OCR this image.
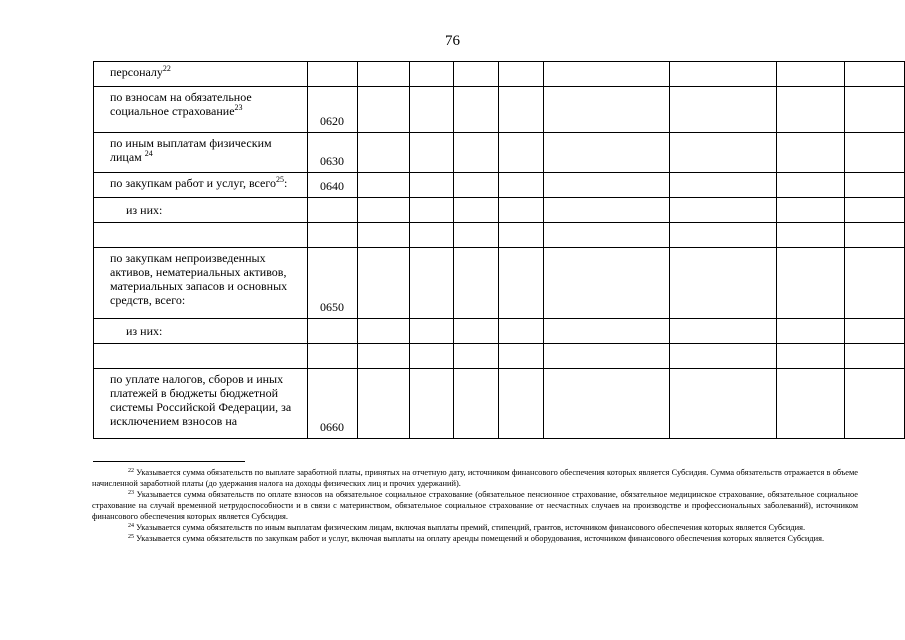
76
персоналу$^{22}$									
по взносам на обязательное социальное страхование$^{23}$	0620								
по иным выплатам физическим лицам $^{24}$	0630								
по закупкам работ и услуг, всего$^{25}$:	0640								
из них:									

по закупкам непроизведенных активов, нематериальных активов, материальных запасов и основных средств, всего:	0650								
из них:									

по уплате налогов, сборов и иных платежей в бюджеты бюджетной системы Российской Федерации, за исключением взносов на	0660								

$^{22}$ Указывается сумма обязательств по выплате заработной платы, принятых на отчетную дату, источником финансового обеспечения которых является Субсидия. Сумма обязательств отражается в объеме начисленной заработной платы (до удержания налога на доходы физических лиц и прочих удержаний).

$^{23}$ Указывается сумма обязательств по оплате взносов на обязательное социальное страхование (обязательное пенсионное страхование, обязательное медицинское страхование, обязательное социальное страхование на случай временной нетрудоспособности и в связи с материнством, обязательное социальное страхование от несчастных случаев на производстве и профессиональных заболеваний), источником финансового обеспечения которых является Субсидия.

$^{24}$ Указывается сумма обязательств по иным выплатам физическим лицам, включая выплаты премий, стипендий, грантов, источником финансового обеспечения которых является Субсидия.

$^{25}$ Указывается сумма обязательств по закупкам работ и услуг, включая выплаты на оплату аренды помещений и оборудования, источником финансового обеспечения которых является Субсидия.
